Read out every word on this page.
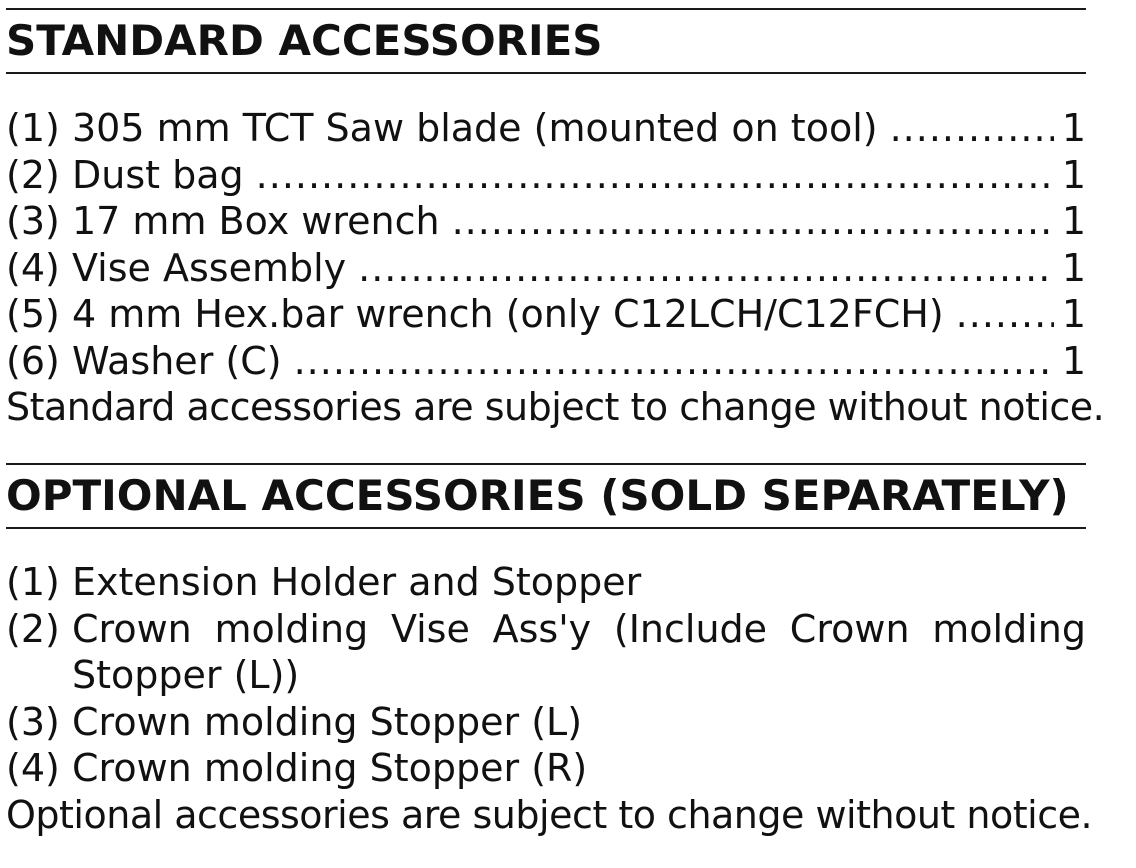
STANDARD ACCESSORIES
(1) 305 mm TCT Saw blade (mounted on tool) .....	1
(2) Dust bag .....	1
(3) 17 mm Box wrench .....	1
(4) Vise Assembly .....	1
(5) 4 mm Hex.bar wrench (only C12LCH/C12FCH) .....	1
(6) Washer (C) .....	1
Standard accessories are subject to change without notice.
OPTIONAL ACCESSORIES (SOLD SEPARATELY)
(1) Extension Holder and Stopper
(2) Crown molding Vise Ass'y (Include Crown molding Stopper (L))
(3) Crown molding Stopper (L)
(4) Crown molding Stopper (R)
Optional accessories are subject to change without notice.
